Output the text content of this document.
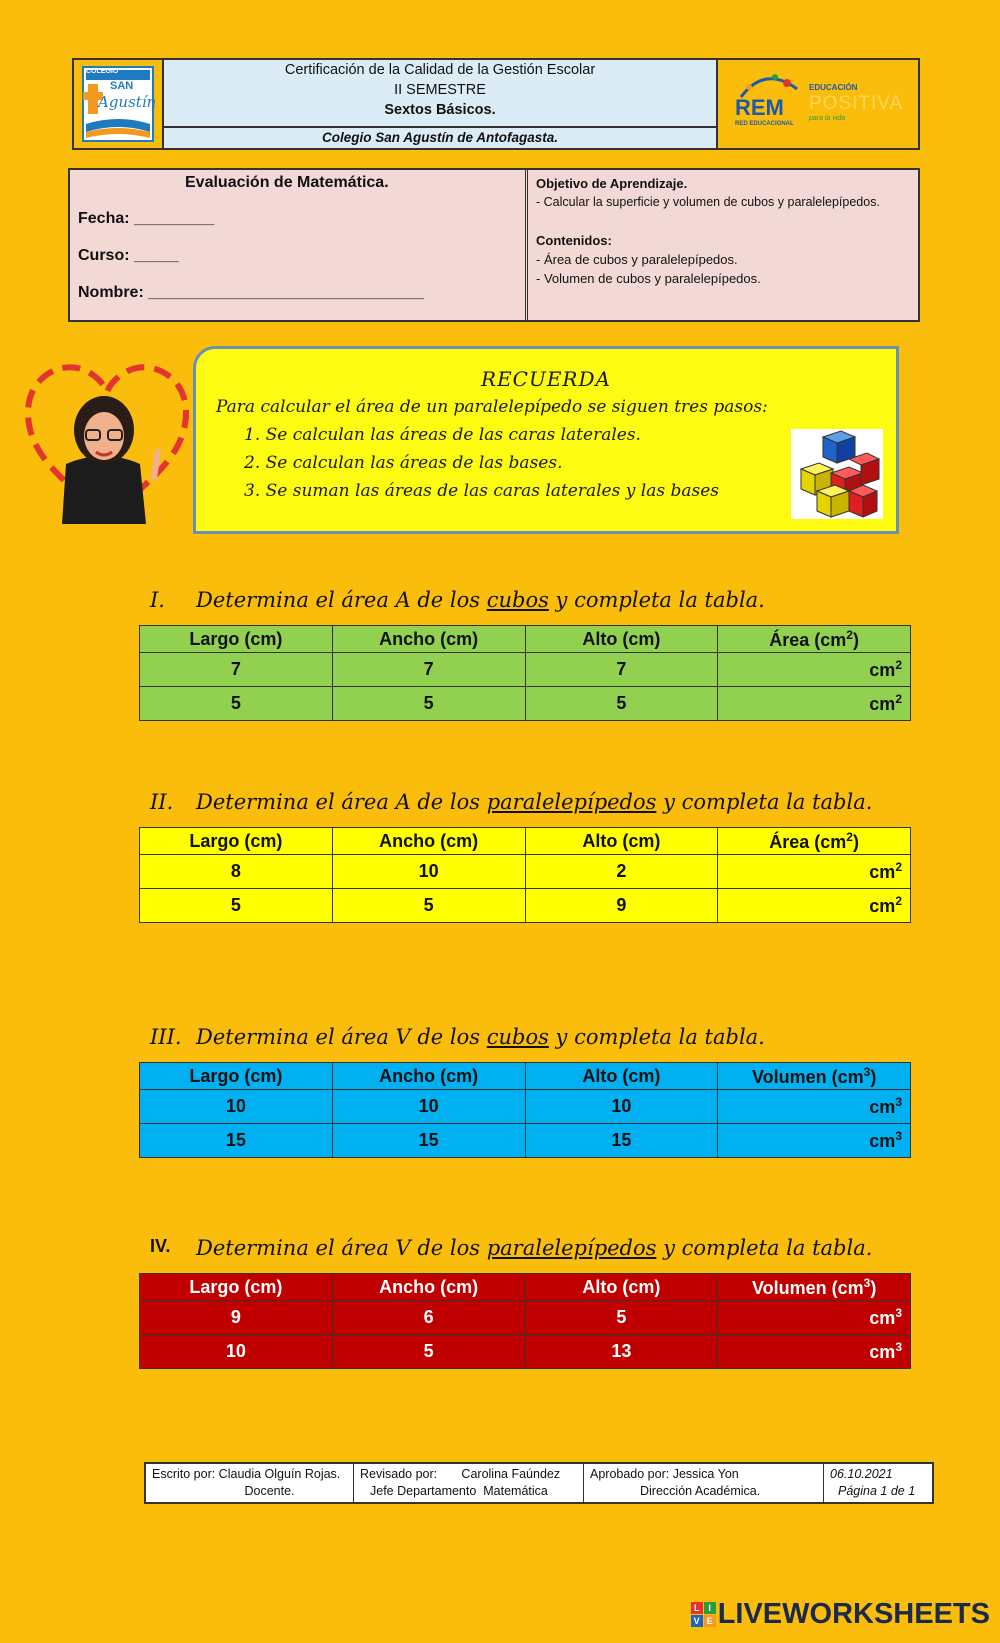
COLEGIO
SAN
Agustín
Certificación de la Calidad de la Gestión Escolar
II SEMESTRE
Sextos Básicos.
Colegio San Agustín de Antofagasta.
REM
RED EDUCACIONAL
EDUCACIÓN
POSITIVA
para la vida
Evaluación de Matemática.
Fecha: _________
Curso: _____
Nombre: _______________________________
Objetivo de Aprendizaje.
- Calcular la superficie y volumen de cubos y paralelepípedos.
Contenidos:
- Área de cubos y paralelepípedos.
- Volumen de cubos y paralelepípedos.
RECUERDA
Para calcular el área de un paralelepípedo se siguen tres pasos:
1. Se calculan las áreas de las caras laterales.
2. Se calculan las áreas de las bases.
3. Se suman las áreas de las caras laterales y las bases
I.	Determina el área A de los cubos y completa la tabla.
Largo (cm)	Ancho (cm)	Alto (cm)	Área $(cm^2)$
7	7	7	$cm^2$
5	5	5	$cm^2$
II.	Determina el área A de los paralelepípedos y completa la tabla.
Largo (cm)	Ancho (cm)	Alto (cm)	Área $(cm^2)$
8	10	2	$cm^2$
5	5	9	$cm^2$
III. Determina el área V de los cubos y completa la tabla.
Largo (cm)	Ancho (cm)	Alto (cm)	Volumen $(cm^3)$
10	10	10	$cm^3$
15	15	15	$cm^3$
IV.	Determina el área V de los paralelepípedos y completa la tabla.
Largo (cm)	Ancho (cm)	Alto (cm)	Volumen $(cm^3)$
9	6	5	$cm^3$
10	5	13	$cm^3$
Escrito por: Claudia Olguín Rojas.
Docente.
Revisado por:       Carolina Faúndez
Jefe Departamento  Matemática
Aprobado por: Jessica Yon
Dirección Académica.
06.10.2021
Página 1 de 1
L I
V E LIVEWORKSHEETS
